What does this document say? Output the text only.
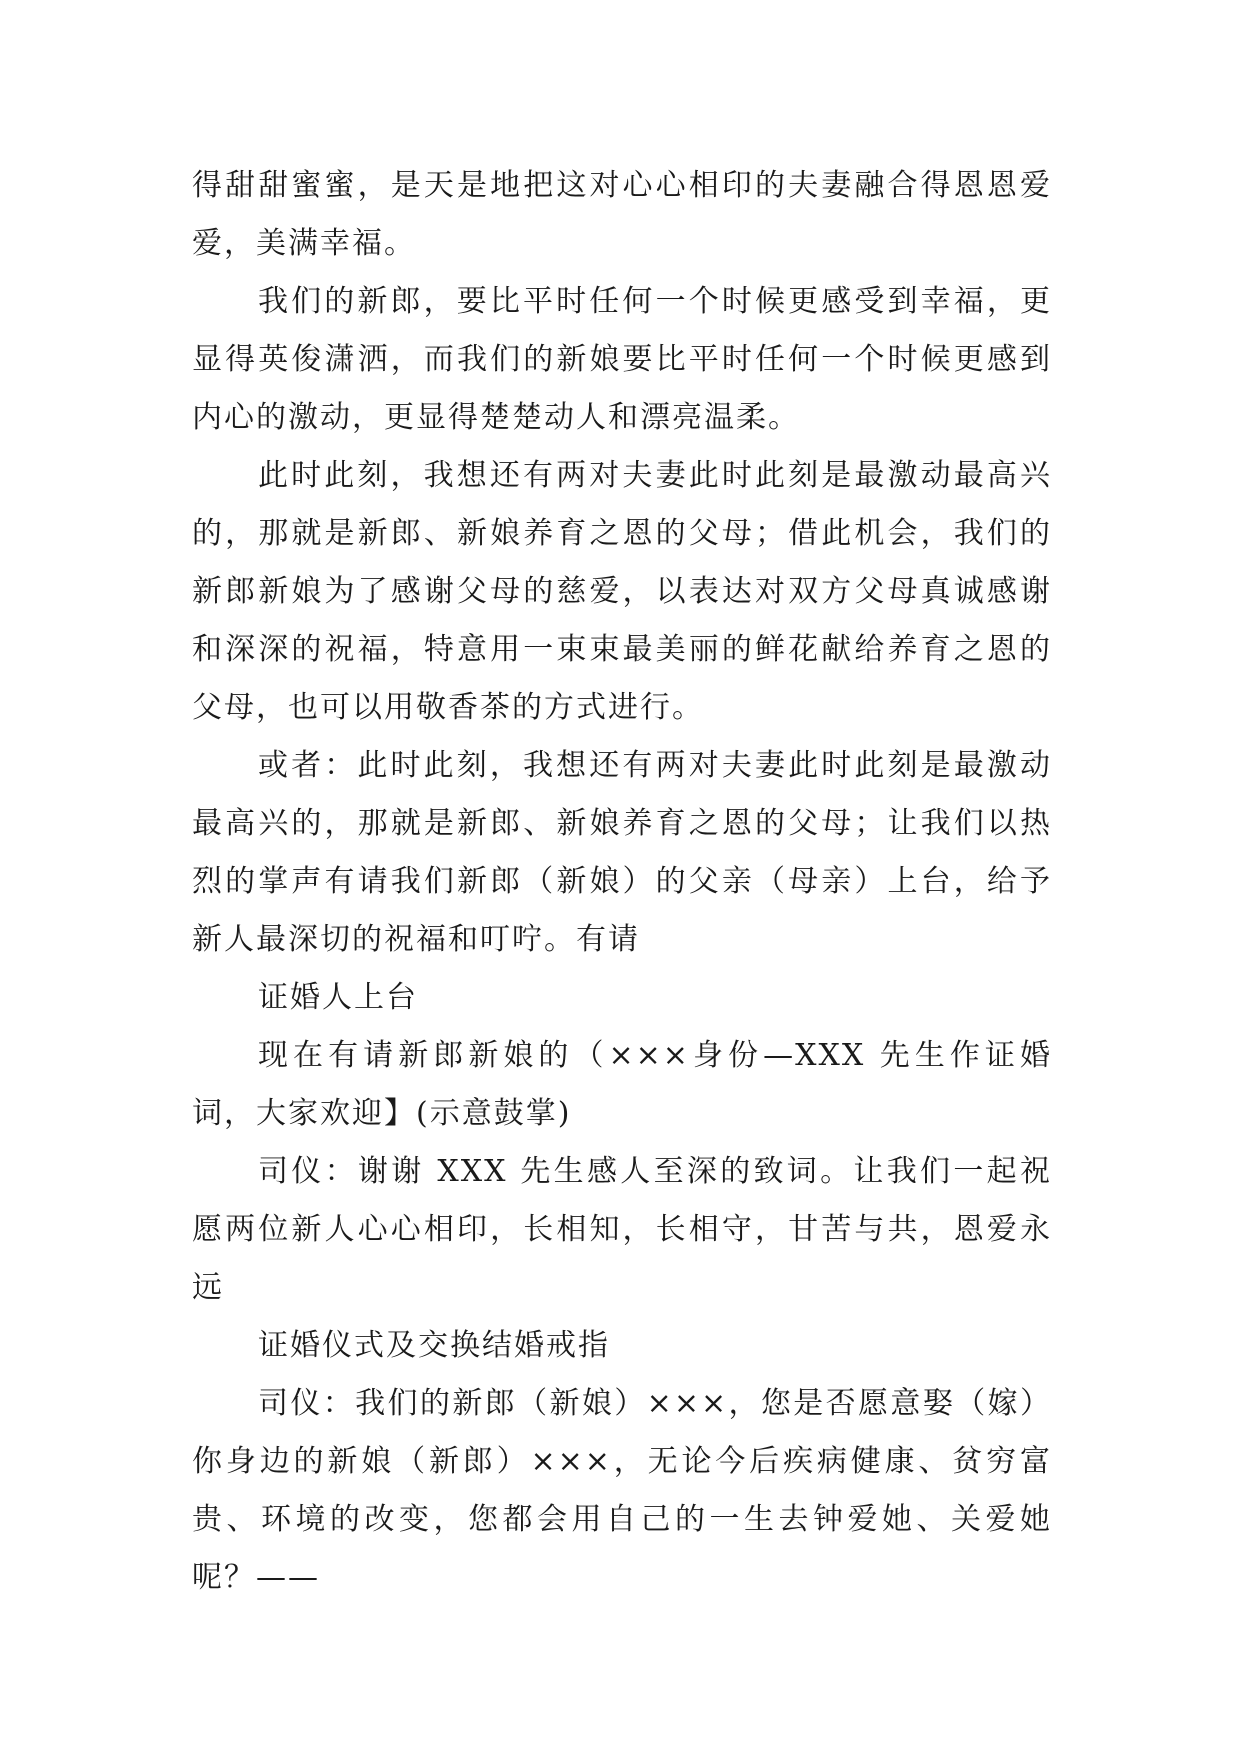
得甜甜蜜蜜，是天是地把这对心心相印的夫妻融合得恩恩爱爱，美满幸福。

我们的新郎，要比平时任何一个时候更感受到幸福，更显得英俊潇洒，而我们的新娘要比平时任何一个时候更感到内心的激动，更显得楚楚动人和漂亮温柔。

此时此刻，我想还有两对夫妻此时此刻是最激动最高兴的，那就是新郎、新娘养育之恩的父母；借此机会，我们的新郎新娘为了感谢父母的慈爱，以表达对双方父母真诚感谢和深深的祝福，特意用一束束最美丽的鲜花献给养育之恩的父母，也可以用敬香茶的方式进行。

或者：此时此刻，我想还有两对夫妻此时此刻是最激动最高兴的，那就是新郎、新娘养育之恩的父母；让我们以热烈的掌声有请我们新郎（新娘）的父亲（母亲）上台，给予新人最深切的祝福和叮咛。有请

证婚人上台

现在有请新郎新娘的（×××身份—XXX 先生作证婚词，大家欢迎】(示意鼓掌)

司仪：谢谢 XXX 先生感人至深的致词。让我们一起祝愿两位新人心心相印，长相知，长相守，甘苦与共，恩爱永远

证婚仪式及交换结婚戒指

司仪：我们的新郎（新娘）×××，您是否愿意娶（嫁）你身边的新娘（新郎）×××，无论今后疾病健康、贫穷富贵、环境的改变，您都会用自己的一生去钟爱她、关爱她呢？——
